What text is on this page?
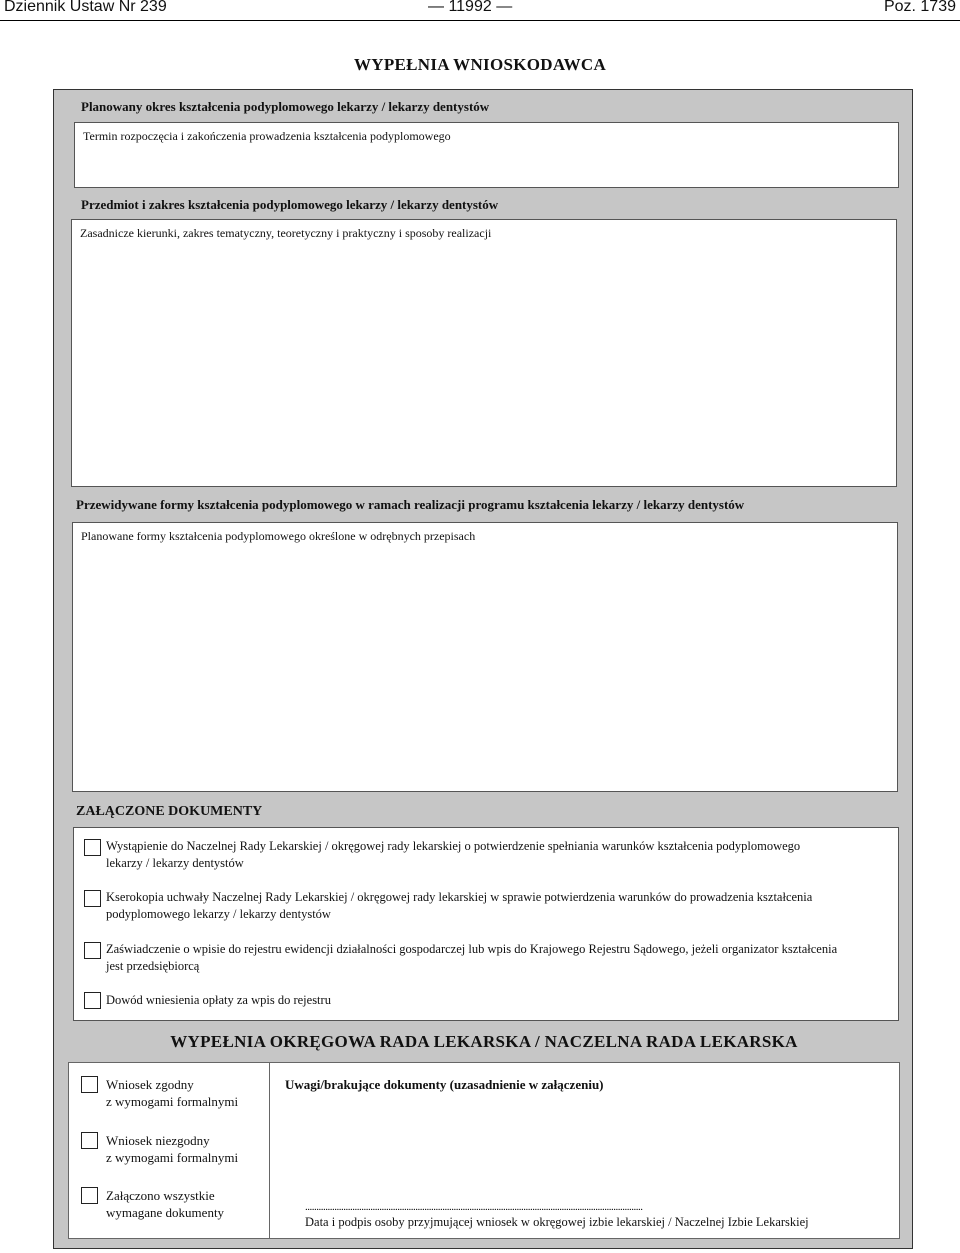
Dziennik Ustaw Nr 239	— 11992 —	Poz. 1739
WYPEŁNIA WNIOSKODAWCA
Planowany okres kształcenia podyplomowego lekarzy / lekarzy dentystów
Termin rozpoczęcia i zakończenia prowadzenia kształcenia podyplomowego
Przedmiot i zakres kształcenia podyplomowego lekarzy / lekarzy dentystów
Zasadnicze kierunki, zakres tematyczny, teoretyczny i praktyczny i sposoby realizacji
Przewidywane formy kształcenia podyplomowego w ramach realizacji programu kształcenia lekarzy / lekarzy dentystów
Planowane formy kształcenia podyplomowego określone w odrębnych przepisach
ZAŁĄCZONE DOKUMENTY
Wystąpienie do Naczelnej Rady Lekarskiej / okręgowej rady lekarskiej o potwierdzenie spełniania warunków kształcenia podyplomowego
lekarzy / lekarzy dentystów
Kserokopia uchwały Naczelnej Rady Lekarskiej / okręgowej rady lekarskiej w sprawie potwierdzenia warunków do prowadzenia kształcenia
podyplomowego lekarzy / lekarzy dentystów
Zaświadczenie o wpisie do rejestru ewidencji działalności gospodarczej lub wpis do Krajowego Rejestru Sądowego, jeżeli organizator kształcenia
jest przedsiębiorcą
Dowód wniesienia opłaty za wpis do rejestru
WYPEŁNIA OKRĘGOWA RADA LEKARSKA / NACZELNA RADA LEKARSKA
Wniosek zgodny
z wymogami formalnymi
Wniosek niezgodny
z wymogami formalnymi
Załączono wszystkie
wymagane dokumenty
Uwagi/brakujące dokumenty (uzasadnienie w załączeniu)
......................................................................................................................................................
Data i podpis osoby przyjmującej wniosek w okręgowej izbie lekarskiej / Naczelnej Izbie Lekarskiej
